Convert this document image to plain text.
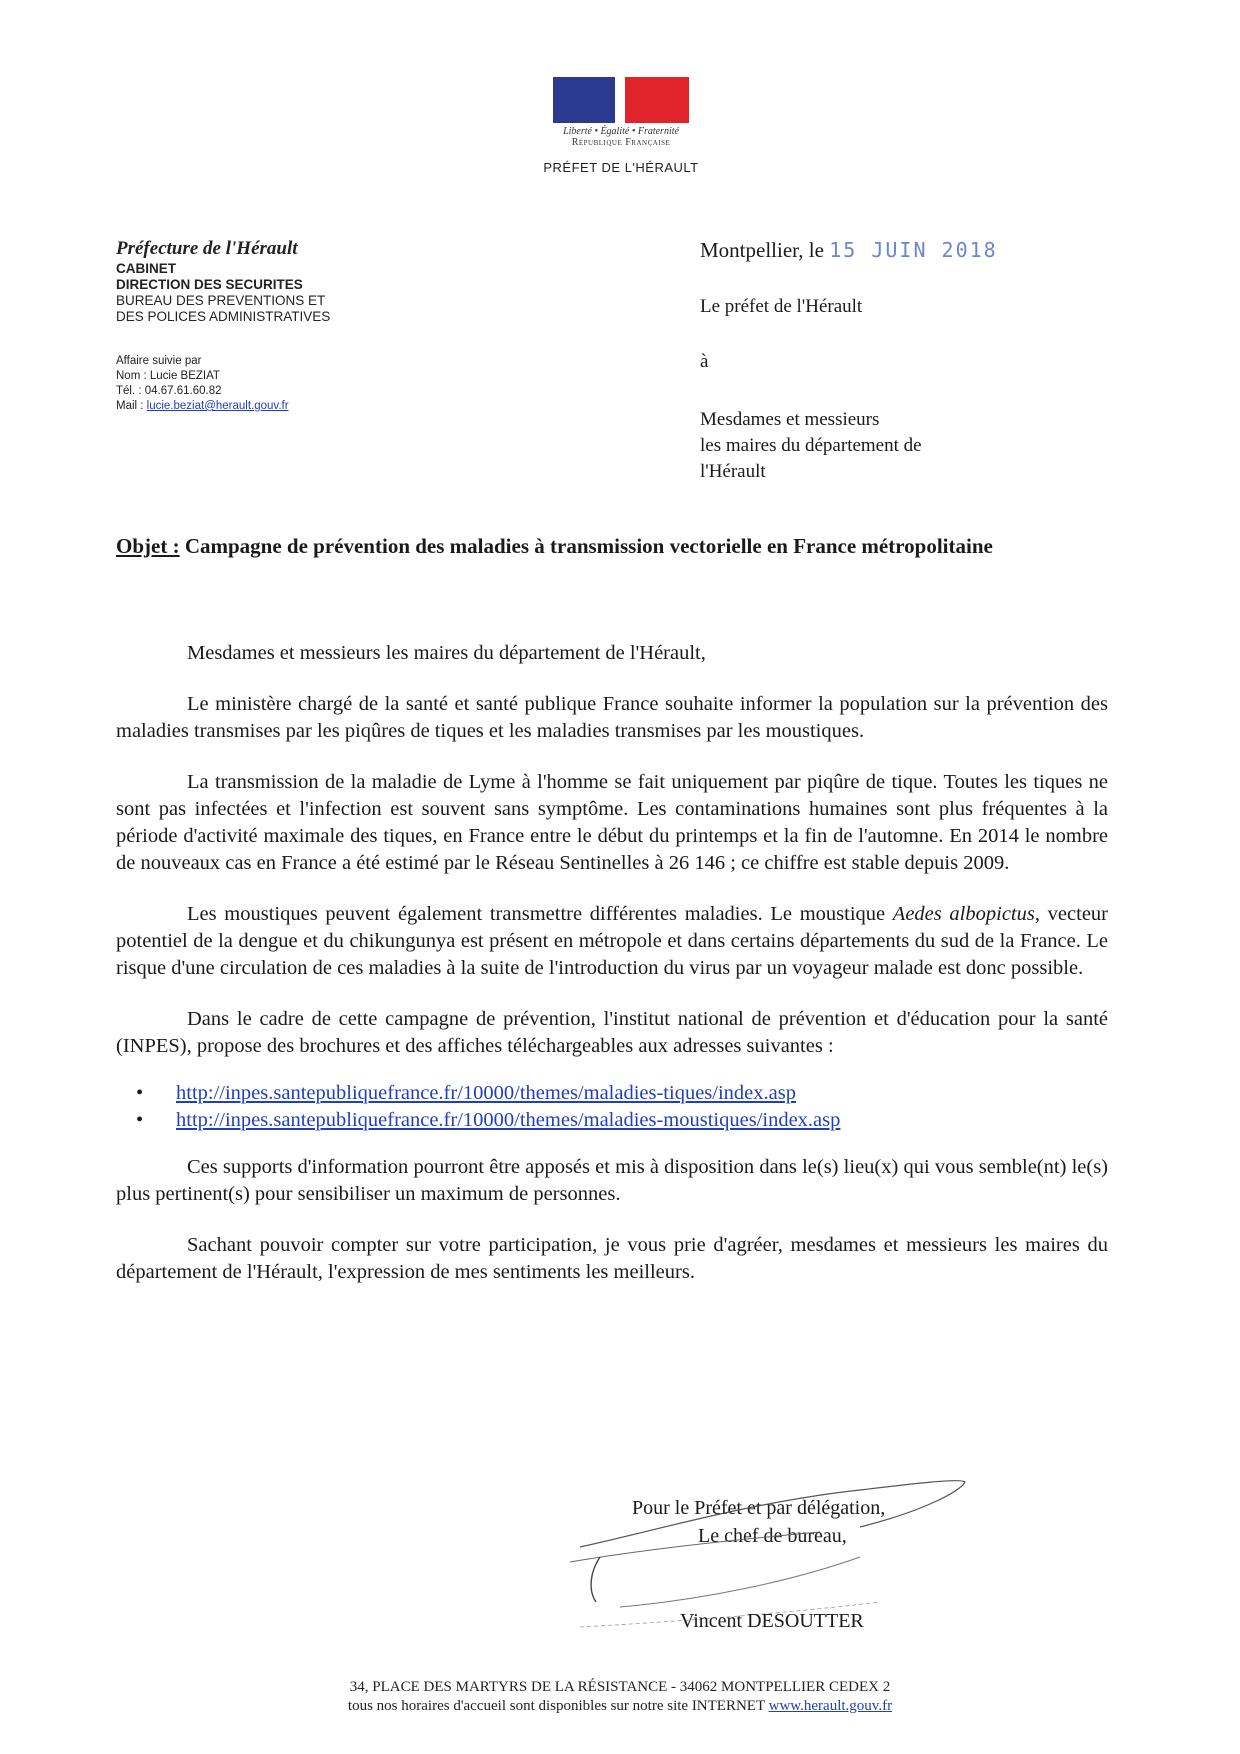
Liberté • Égalité • Fraternité
République Française
PRÉFET DE L'HÉRAULT
Préfecture de l'Hérault
CABINET
DIRECTION DES SECURITES
BUREAU DES PREVENTIONS ET
DES POLICES ADMINISTRATIVES
Affaire suivie par
Nom : Lucie BEZIAT
Tél. : 04.67.61.60.82
Mail : lucie.beziat@herault.gouv.fr
Montpellier, le 15 JUIN 2018
Le préfet de l'Hérault
à
Mesdames et messieurs
les maires du département de
l'Hérault
Objet : Campagne de prévention des maladies à transmission vectorielle en France métropolitaine

Mesdames et messieurs les maires du département de l'Hérault,

Le ministère chargé de la santé et santé publique France souhaite informer la population sur la prévention des maladies transmises par les piqûres de tiques et les maladies transmises par les moustiques.

La transmission de la maladie de Lyme à l'homme se fait uniquement par piqûre de tique. Toutes les tiques ne sont pas infectées et l'infection est souvent sans symptôme. Les contaminations humaines sont plus fréquentes à la période d'activité maximale des tiques, en France entre le début du printemps et la fin de l'automne. En 2014 le nombre de nouveaux cas en France a été estimé par le Réseau Sentinelles à 26 146 ; ce chiffre est stable depuis 2009.

Les moustiques peuvent également transmettre différentes maladies. Le moustique Aedes albopictus, vecteur potentiel de la dengue et du chikungunya est présent en métropole et dans certains départements du sud de la France. Le risque d'une circulation de ces maladies à la suite de l'introduction du virus par un voyageur malade est donc possible.

Dans le cadre de cette campagne de prévention, l'institut national de prévention et d'éducation pour la santé (INPES), propose des brochures et des affiches téléchargeables aux adresses suivantes :

• http://inpes.santepubliquefrance.fr/10000/themes/maladies-tiques/index.asp
• http://inpes.santepubliquefrance.fr/10000/themes/maladies-moustiques/index.asp

Ces supports d'information pourront être apposés et mis à disposition dans le(s) lieu(x) qui vous semble(nt) le(s) plus pertinent(s) pour sensibiliser un maximum de personnes.

Sachant pouvoir compter sur votre participation, je vous prie d'agréer, mesdames et messieurs les maires du département de l'Hérault, l'expression de mes sentiments les meilleurs.

Pour le Préfet et par délégation,
Le chef de bureau,
Vincent DESOUTTER
34, PLACE DES MARTYRS DE LA RÉSISTANCE - 34062 MONTPELLIER CEDEX 2
tous nos horaires d'accueil sont disponibles sur notre site INTERNET www.herault.gouv.fr
